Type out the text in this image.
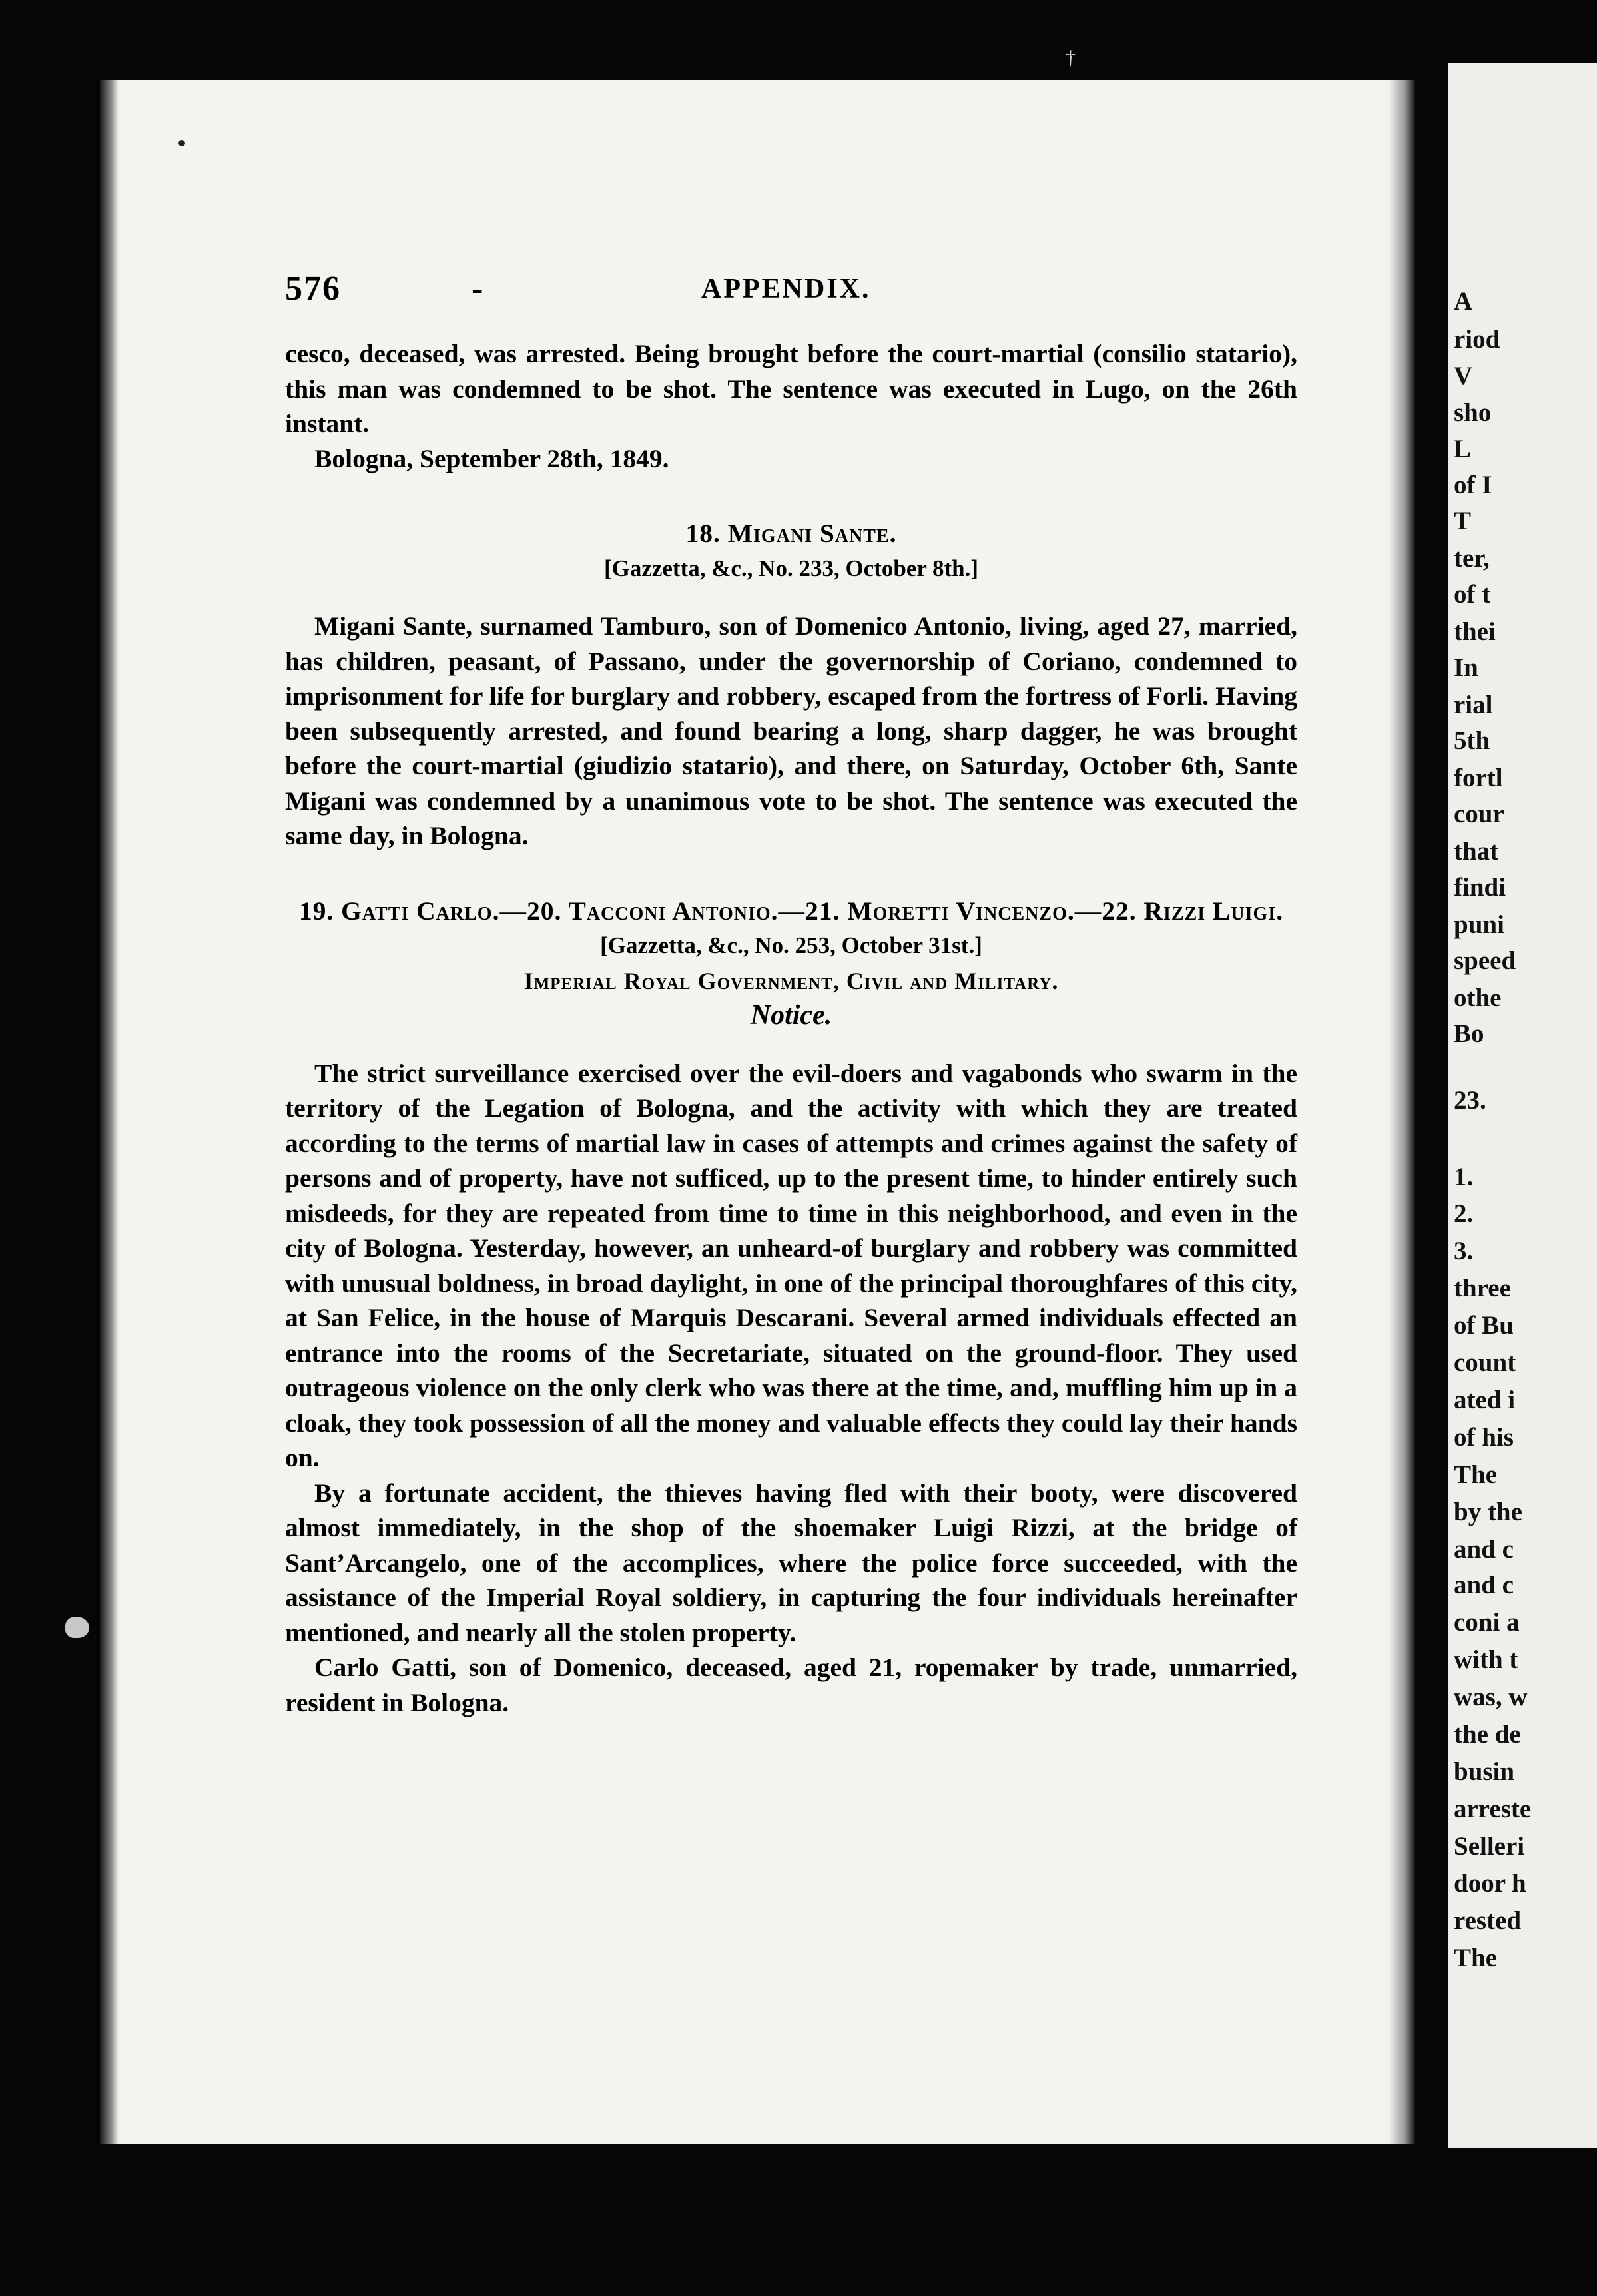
†
576	-	APPENDIX.

cesco, deceased, was arrested. Being brought before the court-martial (consilio statario), this man was condemned to be shot. The sentence was executed in Lugo, on the 26th instant.

Bologna, September 28th, 1849.

18. Migani Sante.

[Gazzetta, &c., No. 233, October 8th.]

Migani Sante, surnamed Tamburo, son of Domenico Antonio, living, aged 27, married, has children, peasant, of Passano, under the governorship of Coriano, condemned to imprisonment for life for burglary and robbery, escaped from the fortress of Forli. Having been subsequently arrested, and found bearing a long, sharp dagger, he was brought before the court-martial (giudizio statario), and there, on Saturday, October 6th, Sante Migani was condemned by a unanimous vote to be shot. The sentence was executed the same day, in Bologna.

19. Gatti Carlo.—20. Tacconi Antonio.—21. Moretti Vincenzo.—22. Rizzi Luigi.

[Gazzetta, &c., No. 253, October 31st.]

Imperial Royal Government, Civil and Military.

Notice.

The strict surveillance exercised over the evil-doers and vagabonds who swarm in the territory of the Legation of Bologna, and the activity with which they are treated according to the terms of martial law in cases of attempts and crimes against the safety of persons and of property, have not sufficed, up to the present time, to hinder entirely such misdeeds, for they are repeated from time to time in this neighborhood, and even in the city of Bologna. Yesterday, however, an unheard-of burglary and robbery was committed with unusual boldness, in broad daylight, in one of the principal thoroughfares of this city, at San Felice, in the house of Marquis Descarani. Several armed individuals effected an entrance into the rooms of the Secretariate, situated on the ground-floor. They used outrageous violence on the only clerk who was there at the time, and, muffling him up in a cloak, they took possession of all the money and valuable effects they could lay their hands on.

By a fortunate accident, the thieves having fled with their booty, were discovered almost immediately, in the shop of the shoemaker Luigi Rizzi, at the bridge of Sant’Arcangelo, one of the accomplices, where the police force succeeded, with the assistance of the Imperial Royal soldiery, in capturing the four individuals hereinafter mentioned, and nearly all the stolen property.

Carlo Gatti, son of Domenico, deceased, aged 21, ropemaker by trade, unmarried, resident in Bologna.

A
riod
V
sho
L
of I
T
ter,
of t
thei
In
rial
5th
fortl
cour
that
findi
puni
speed
othe
Bo
23.
1.
2.
3.
three
of Bu
count
ated i
of his
The
by the
and c
and c
coni a
with t
was, w
the de
busin
arreste
Selleri
door h
rested
The
